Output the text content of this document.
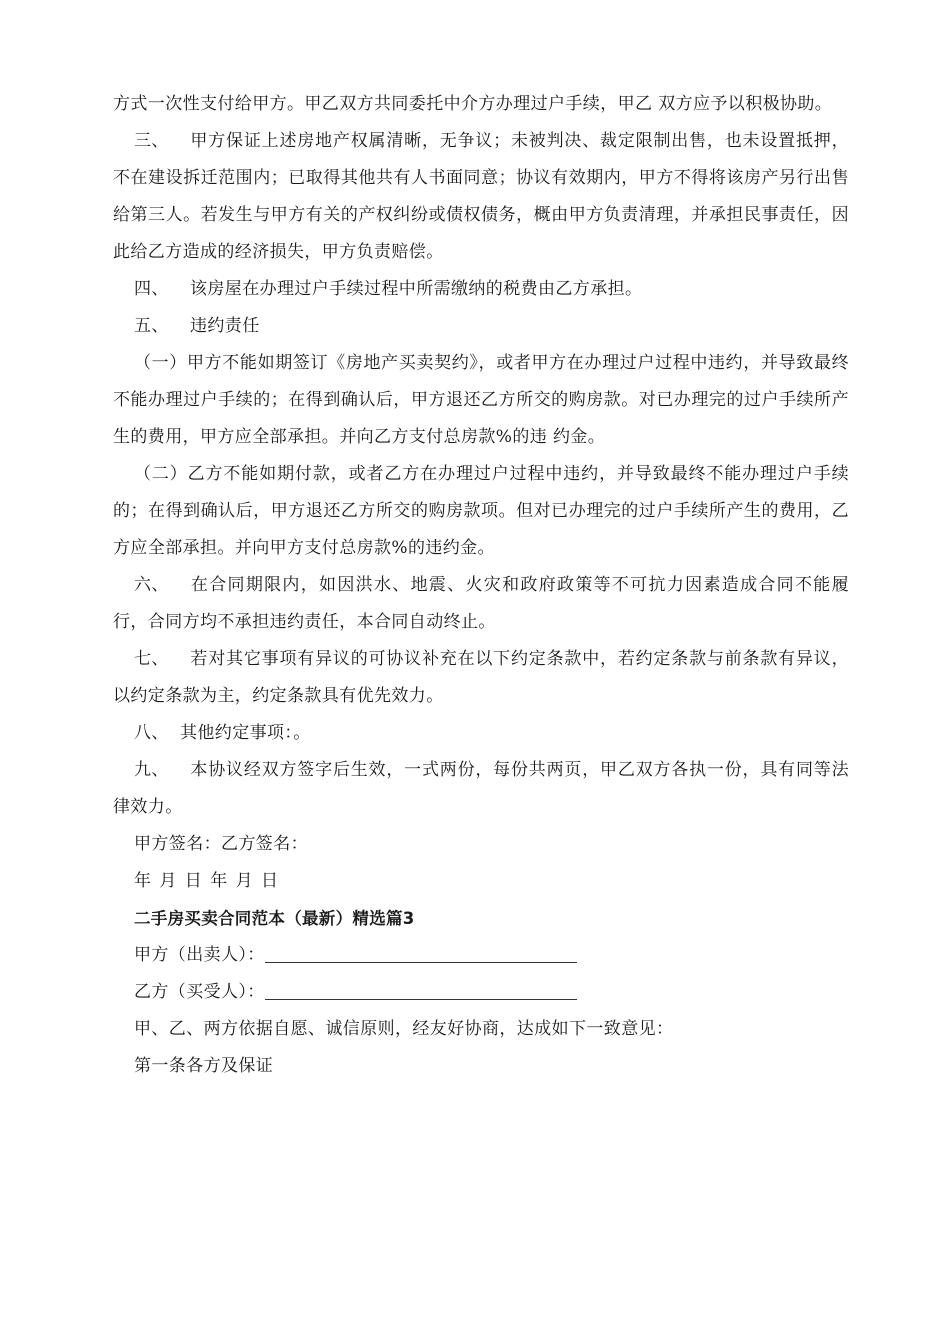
方式一次性支付给甲方。甲乙双方共同委托中介方办理过户手续，甲乙 双方应予以积极协助。

三、 甲方保证上述房地产权属清晰，无争议；未被判决、裁定限制出售，也未设置抵押，不在建设拆迁范围内；已取得其他共有人书面同意；协议有效期内，甲方不得将该房产另行出售给第三人。若发生与甲方有关的产权纠纷或债权债务，概由甲方负责清理，并承担民事责任，因此给乙方造成的经济损失，甲方负责赔偿。

四、 该房屋在办理过户手续过程中所需缴纳的税费由乙方承担。

五、 违约责任

（一）甲方不能如期签订《房地产买卖契约》，或者甲方在办理过户过程中违约，并导致最终不能办理过户手续的；在得到确认后，甲方退还乙方所交的购房款。对已办理完的过户手续所产生的费用，甲方应全部承担。并向乙方支付总房款%的违 约金。

（二）乙方不能如期付款，或者乙方在办理过户过程中违约，并导致最终不能办理过户手续的；在得到确认后，甲方退还乙方所交的购房款项。但对已办理完的过户手续所产生的费用，乙方应全部承担。并向甲方支付总房款%的违约金。

六、 在合同期限内，如因洪水、地震、火灾和政府政策等不可抗力因素造成合同不能履行，合同方均不承担违约责任，本合同自动终止。

七、 若对其它事项有异议的可协议补充在以下约定条款中，若约定条款与前条款有异议，以约定条款为主，约定条款具有优先效力。

八、 其他约定事项：。

九、 本协议经双方签字后生效，一式两份，每份共两页，甲乙双方各执一份，具有同等法律效力。

甲方签名：乙方签名：

年 月 日 年 月 日

二手房买卖合同范本（最新）精选篇3

甲方（出卖人）：

乙方（买受人）：

甲、乙、两方依据自愿、诚信原则，经友好协商，达成如下一致意见：

第一条各方及保证
